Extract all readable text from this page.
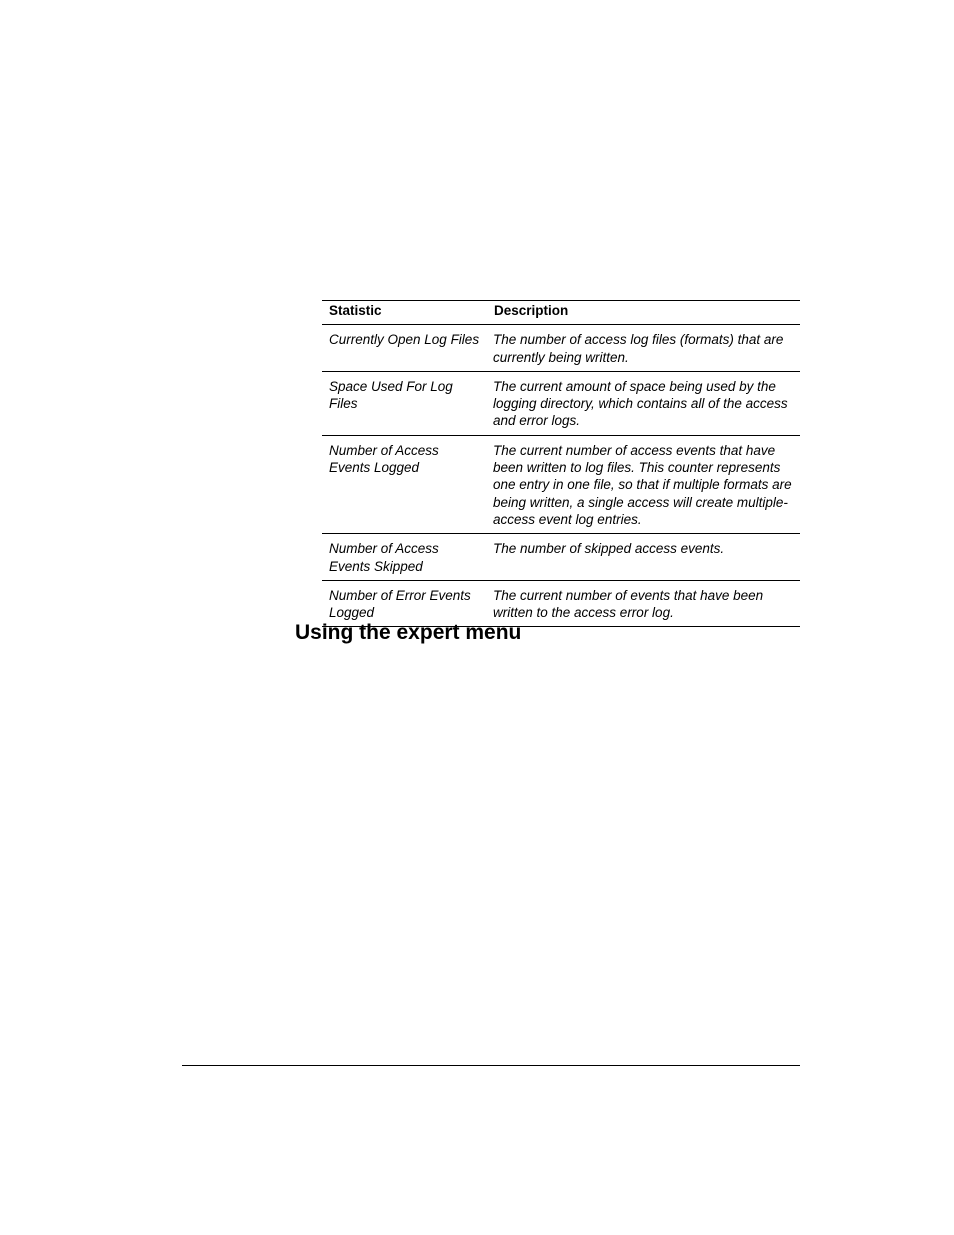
Statistic	Description
Currently Open Log Files	The number of access log files (formats) that are currently being written.
Space Used For Log Files	The current amount of space being used by the logging directory, which contains all of the access and error logs.
Number of Access Events Logged	The current number of access events that have been written to log files. This counter represents one entry in one file, so that if multiple formats are being written, a single access will create multiple-access event log entries.
Number of Access Events Skipped	The number of skipped access events.
Number of Error Events Logged	The current number of events that have been written to the access error log.
Using the expert menu
